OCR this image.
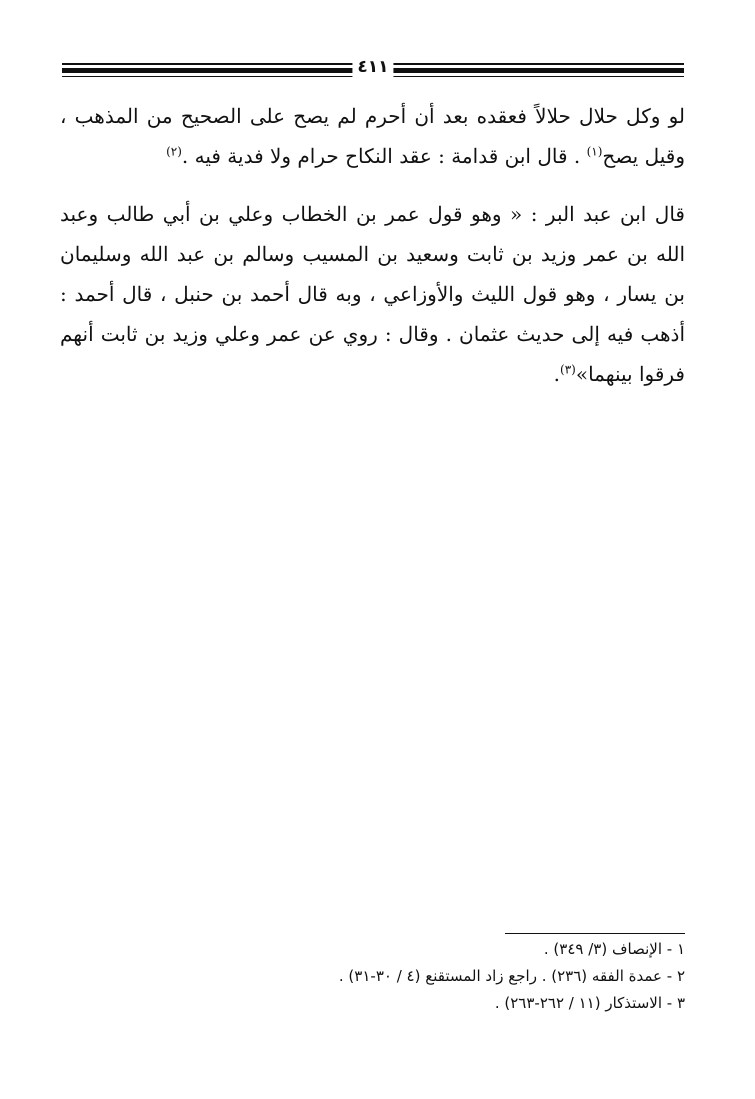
٤١١

لو وكل حلال حلالاً فعقده بعد أن أحرم لم يصح على الصحيح من المذهب ، وقيل يصح$^{(١)}$ . قال ابن قدامة : عقد النكاح حرام ولا فدية فيه .$^{(٢)}$

قال ابن عبد البر : « وهو قول عمر بن الخطاب وعلي بن أبي طالب وعبد الله بن عمر وزيد بن ثابت وسعيد بن المسيب وسالم بن عبد الله وسليمان بن يسار ، وهو قول الليث والأوزاعي ، وبه قال أحمد بن حنبل ، قال أحمد : أذهب فيه إلى حديث عثمان . وقال : روي عن عمر وعلي وزيد بن ثابت أنهم فرقوا بينهما»$^{(٣)}$.

١ - الإنصاف (٣/ ٣٤٩) .
٢ - عمدة الفقه (٢٣٦) . راجع زاد المستقنع (٤ / ٣٠-٣١) .
٣ - الاستذكار (١١ / ٢٦٢-٢٦٣) .
